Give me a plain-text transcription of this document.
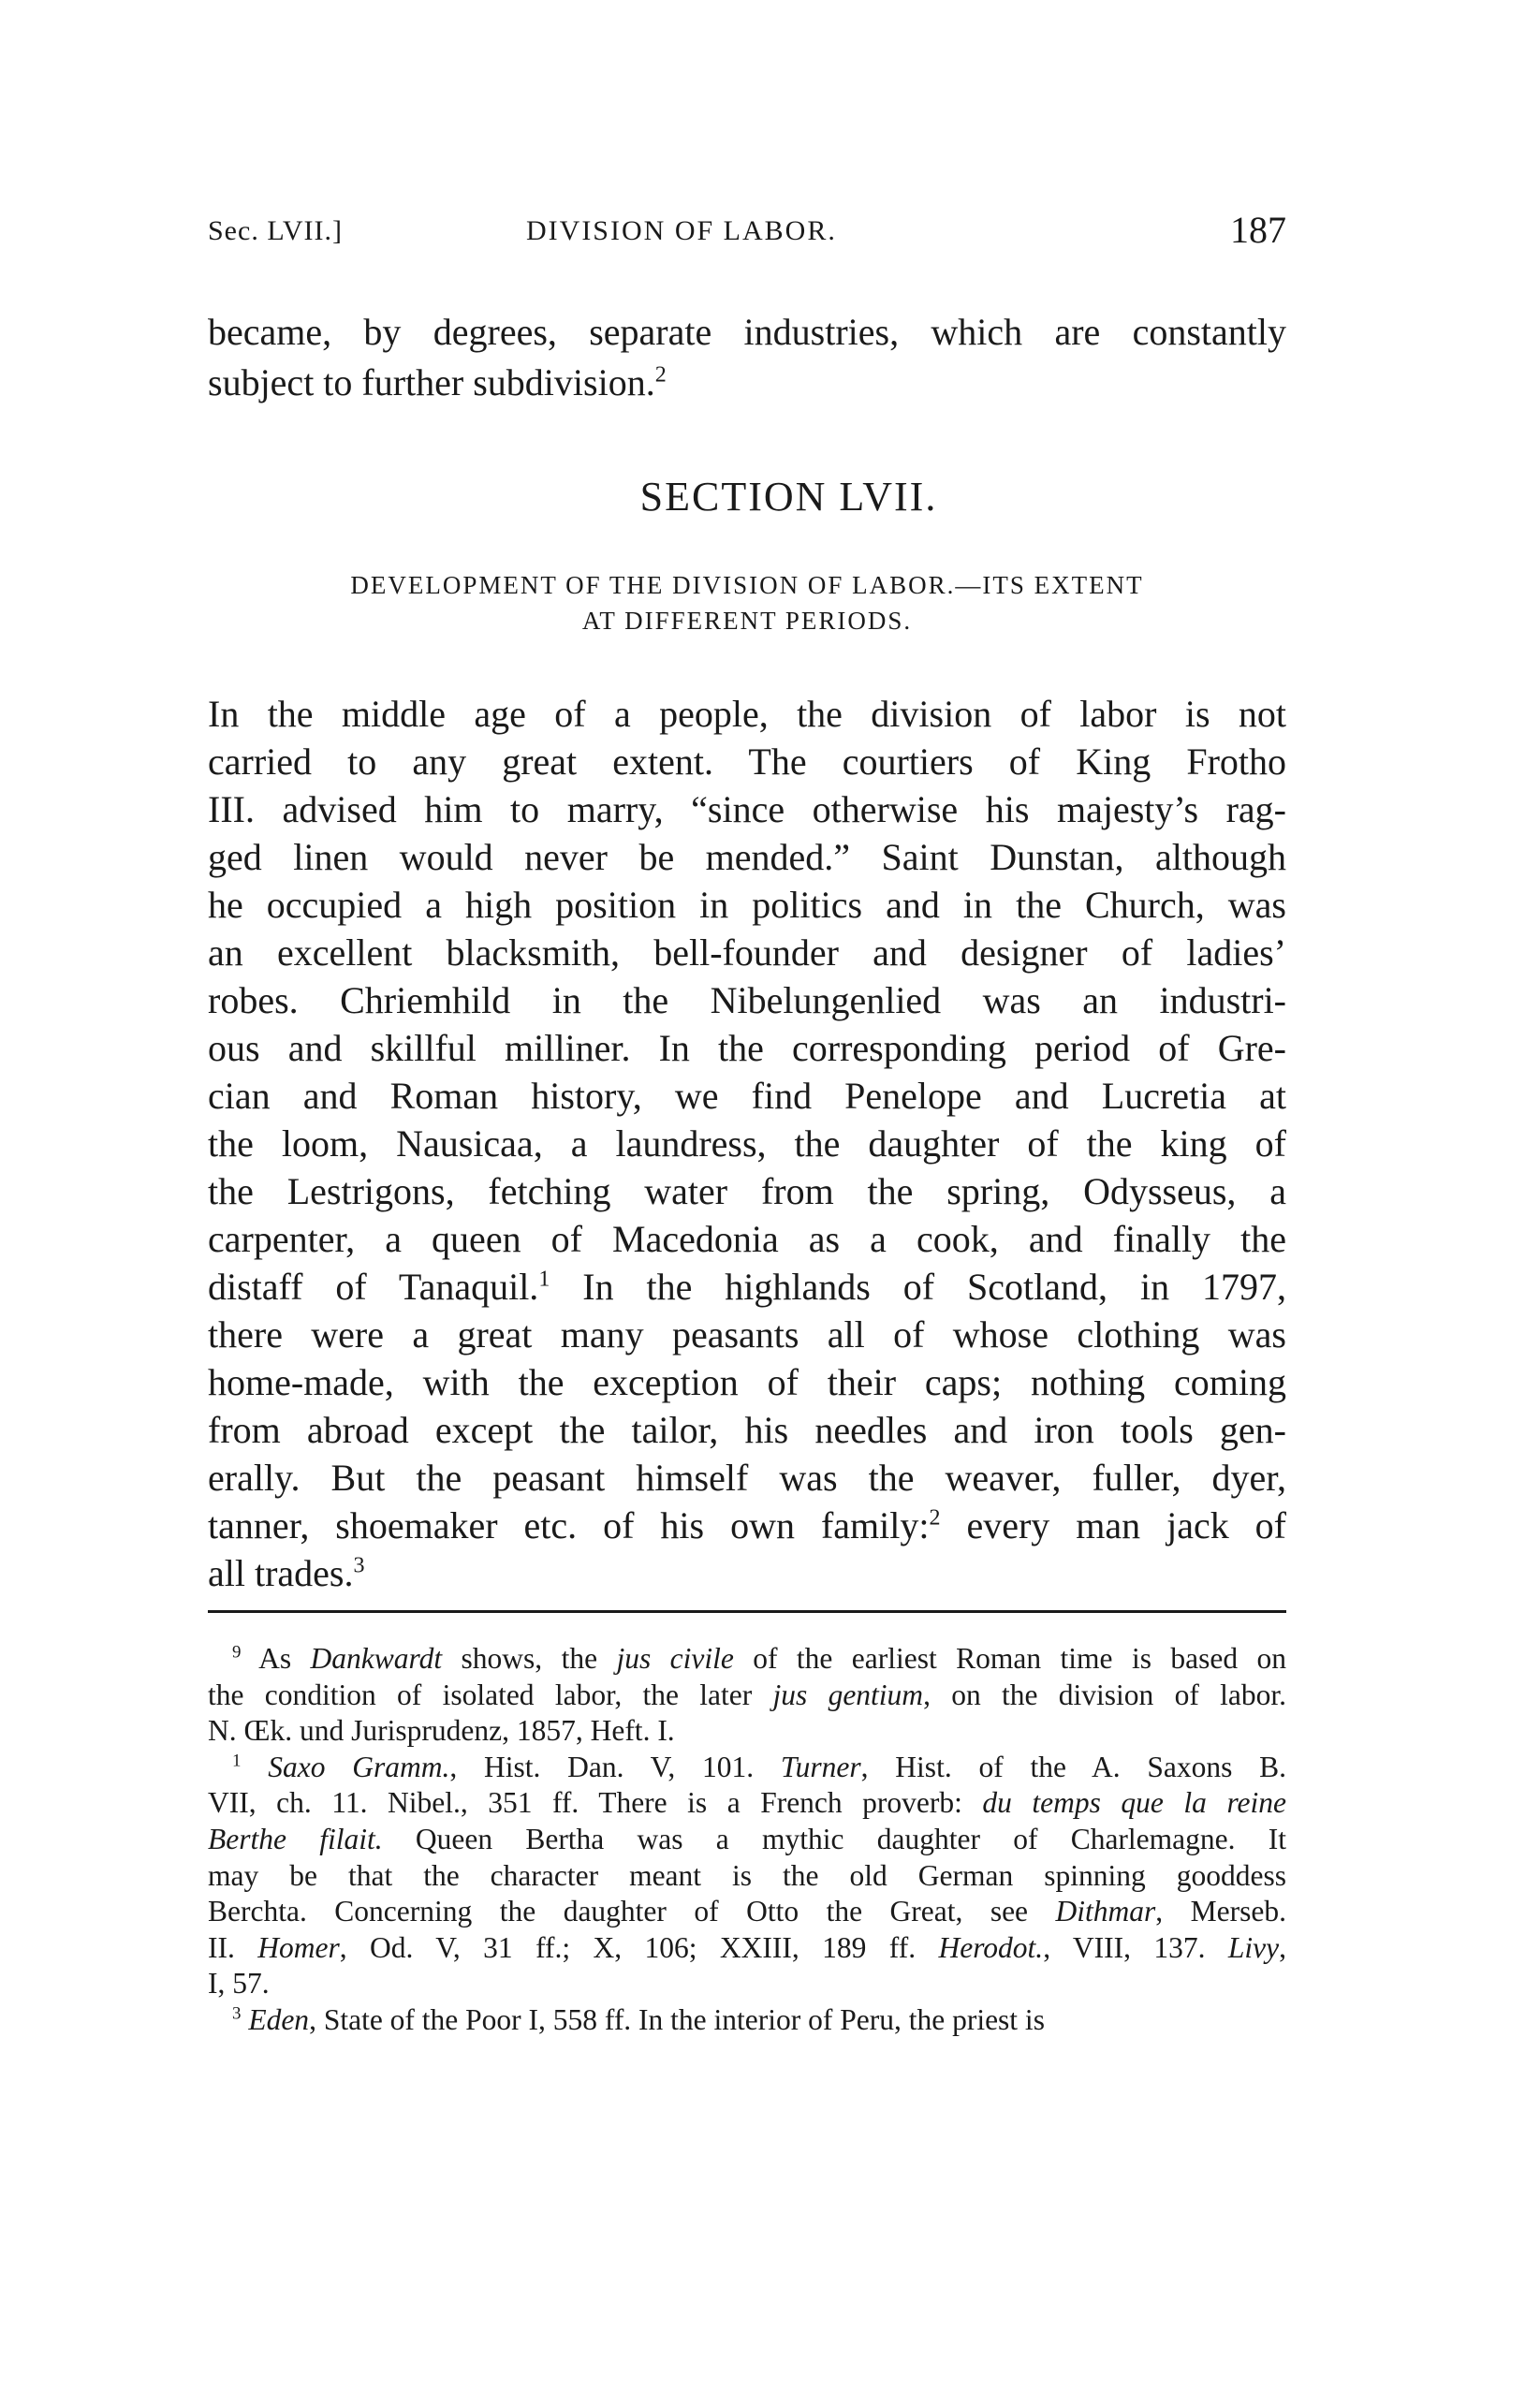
Sec. LVII.]	DIVISION OF LABOR.	187
became, by degrees, separate industries, which are constantly
subject to further subdivision.$^2$
SECTION LVII.
DEVELOPMENT OF THE DIVISION OF LABOR.—ITS EXTENT
AT DIFFERENT PERIODS.
In the middle age of a people, the division of labor is not
carried to any great extent. The courtiers of King Frotho
III. advised him to marry, “since otherwise his majesty’s rag-
ged linen would never be mended.” Saint Dunstan, although
he occupied a high position in politics and in the Church, was
an excellent blacksmith, bell-founder and designer of ladies’
robes. Chriemhild in the Nibelungenlied was an industri-
ous and skillful milliner. In the corresponding period of Gre-
cian and Roman history, we find Penelope and Lucretia at
the loom, Nausicaa, a laundress, the daughter of the king of
the Lestrigons, fetching water from the spring, Odysseus, a
carpenter, a queen of Macedonia as a cook, and finally the
distaff of Tanaquil.$^1$ In the highlands of Scotland, in 1797,
there were a great many peasants all of whose clothing was
home-made, with the exception of their caps; nothing coming
from abroad except the tailor, his needles and iron tools gen-
erally. But the peasant himself was the weaver, fuller, dyer,
tanner, shoemaker etc. of his own family:$^2$ every man jack of
all trades.$^3$
$^9$ As Dankwardt shows, the jus civile of the earliest Roman time is based on
the condition of isolated labor, the later jus gentium, on the division of labor.
N. Œk. und Jurisprudenz, 1857, Heft. I.
$^1$ Saxo Gramm., Hist. Dan. V, 101. Turner, Hist. of the A. Saxons B.
VII, ch. 11. Nibel., 351 ff. There is a French proverb: du temps que la reine
Berthe filait. Queen Bertha was a mythic daughter of Charlemagne. It
may be that the character meant is the old German spinning gooddess
Berchta. Concerning the daughter of Otto the Great, see Dithmar, Merseb.
II. Homer, Od. V, 31 ff.; X, 106; XXIII, 189 ff. Herodot., VIII, 137. Livy,
I, 57.
$^3$ Eden, State of the Poor I, 558 ff. In the interior of Peru, the priest is
